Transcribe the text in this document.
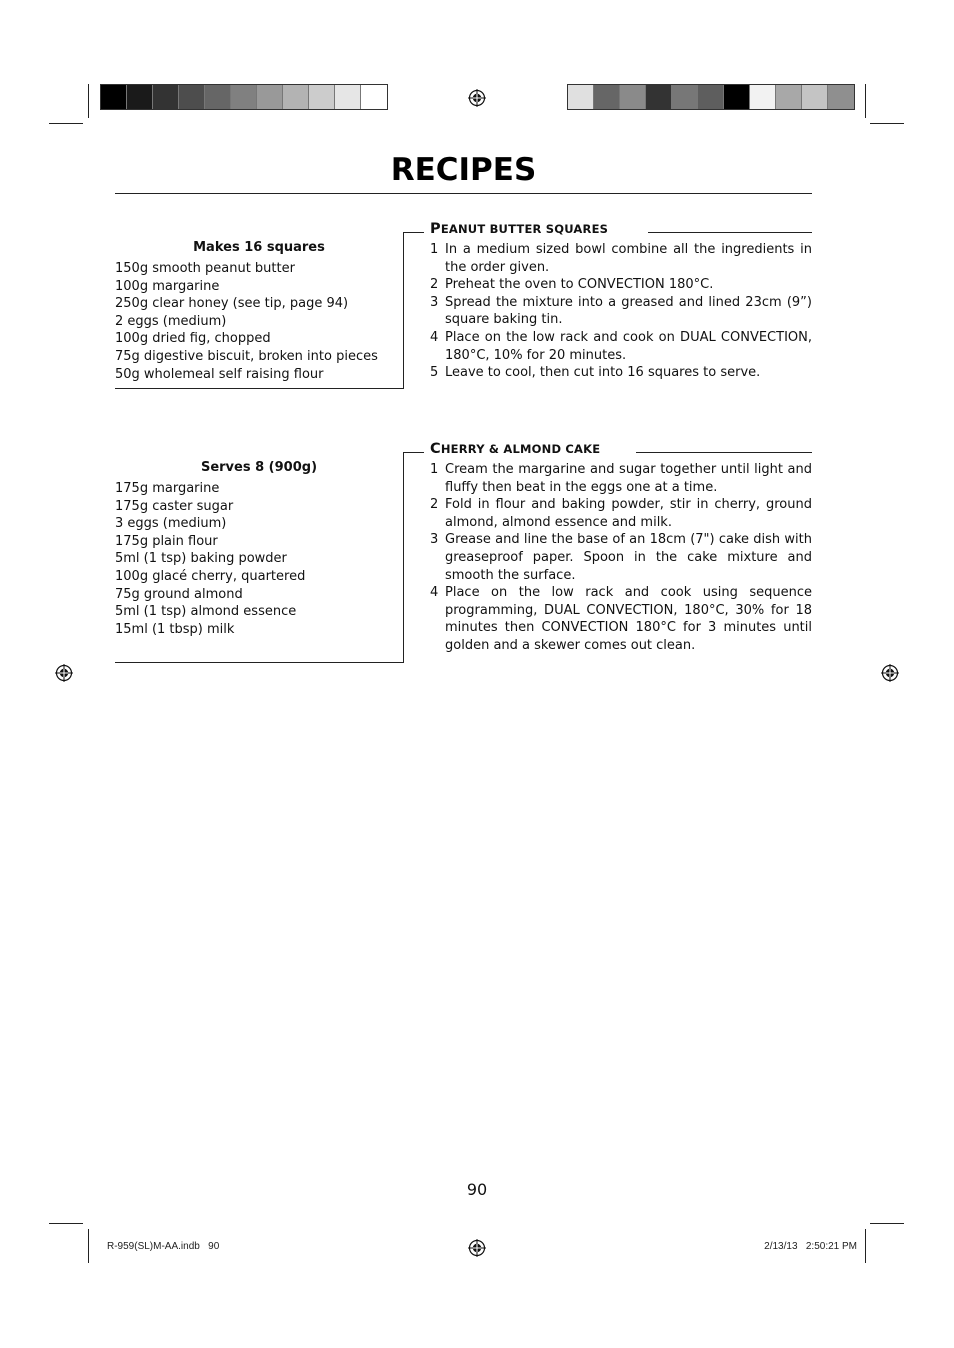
RECIPES
Makes 16 squares
150g smooth peanut butter
100g margarine
250g clear honey (see tip, page 94)
2 eggs (medium)
100g dried fig, chopped
75g digestive biscuit, broken into pieces
50g wholemeal self raising flour
PEANUT BUTTER SQUARES
1 In a medium sized bowl combine all the ingredients in the order given.
2 Preheat the oven to CONVECTION 180°C.
3 Spread the mixture into a greased and lined 23cm (9”) square baking tin.
4 Place on the low rack and cook on DUAL CONVECTION, 180°C, 10% for 20 minutes.
5 Leave to cool, then cut into 16 squares to serve.
Serves 8 (900g)
175g margarine
175g caster sugar
3 eggs (medium)
175g plain flour
5ml (1 tsp) baking powder
100g glacé cherry, quartered
75g ground almond
5ml (1 tsp) almond essence
15ml (1 tbsp) milk
CHERRY & ALMOND CAKE
1 Cream the margarine and sugar together until light and fluffy then beat in the eggs one at a time.
2 Fold in flour and baking powder, stir in cherry, ground almond, almond essence and milk.
3 Grease and line the base of an 18cm (7") cake dish with greaseproof paper. Spoon in the cake mixture and smooth the surface.
4 Place on the low rack and cook using sequence programming, DUAL CONVECTION, 180°C, 30% for 18 minutes then CONVECTION 180°C for 3 minutes until golden and a skewer comes out clean.
90
R-959(SL)M-AA.indb   90	2/13/13   2:50:21 PM
